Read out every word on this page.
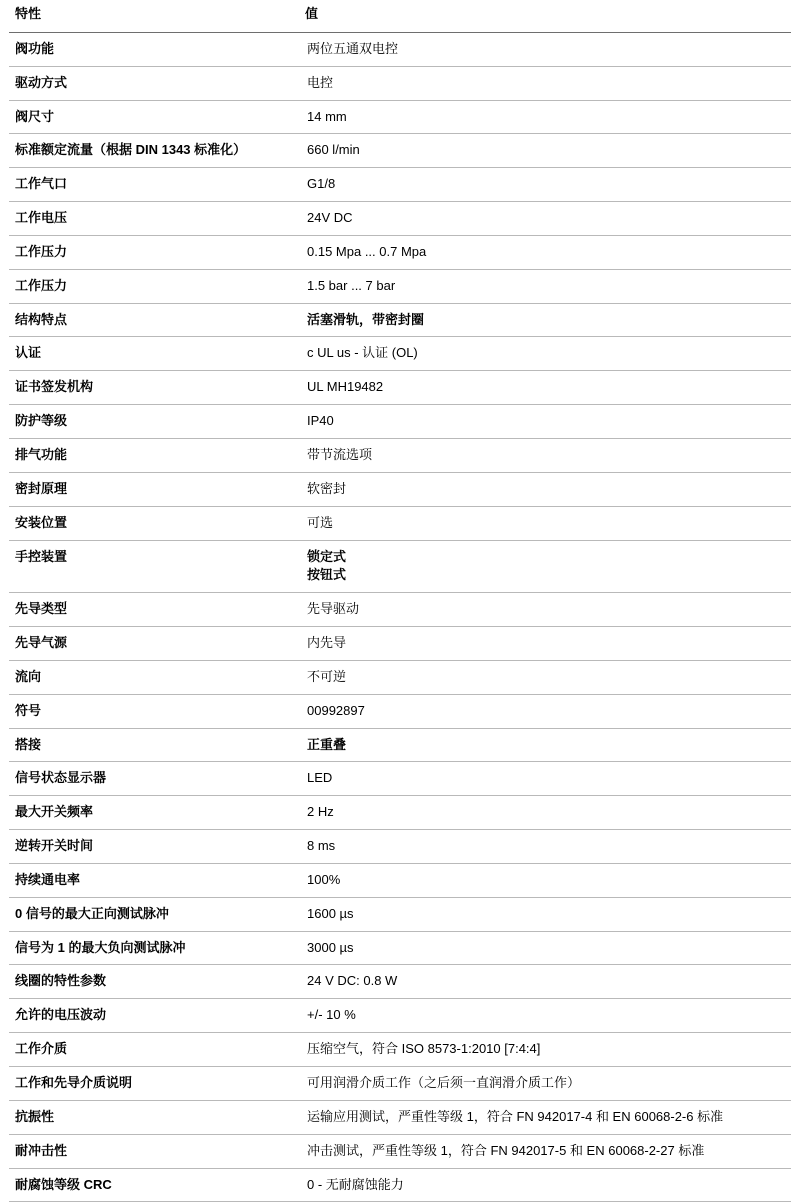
特性	值
阀功能	两位五通双电控
驱动方式	电控
阀尺寸	14 mm
标准额定流量（根据 DIN 1343 标准化）	660 l/min
工作气口	G1/8
工作电压	24V DC
工作压力	0.15 Mpa ... 0.7 Mpa
工作压力	1.5 bar ... 7 bar
结构特点	活塞滑轨，带密封圈
认证	c UL us - 认证 (OL)
证书签发机构	UL MH19482
防护等级	IP40
排气功能	带节流选项
密封原理	软密封
安装位置	可选
手控装置	锁定式
按钮式

先导类型	先导驱动
先导气源	内先导
流向	不可逆
符号	00992897
搭接	正重叠
信号状态显示器	LED
最大开关频率	2 Hz
逆转开关时间	8 ms
持续通电率	100%
0 信号的最大正向测试脉冲	1600 µs
信号为 1 的最大负向测试脉冲	3000 µs
线圈的特性参数	24 V DC: 0.8 W
允许的电压波动	+/- 10 %
工作介质	压缩空气，符合 ISO 8573-1:2010 [7:4:4]
工作和先导介质说明	可用润滑介质工作（之后须一直润滑介质工作）
抗振性	运输应用测试，严重性等级 1，符合 FN 942017-4 和 EN 60068-2-6 标准
耐冲击性	冲击测试，严重性等级 1，符合 FN 942017-5 和 EN 60068-2-27 标准
耐腐蚀等级 CRC	0 - 无耐腐蚀能力
